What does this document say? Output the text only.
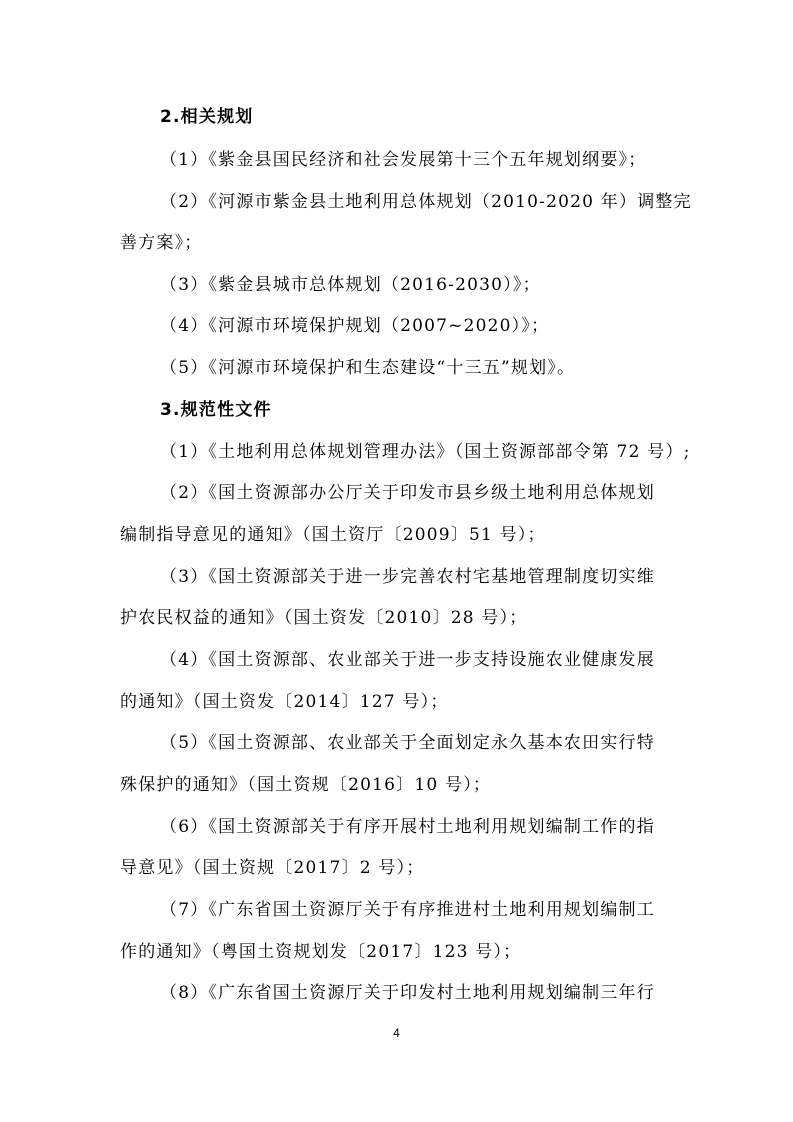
2.相关规划
（1）《紫金县国民经济和社会发展第十三个五年规划纲要》；
（2）《河源市紫金县土地利用总体规划（2010-2020 年）调整完
善方案》；
（3）《紫金县城市总体规划（2016-2030）》；
（4）《河源市环境保护规划（2007~2020）》；
（5）《河源市环境保护和生态建设“十三五”规划》。
3.规范性文件
（1）《土地利用总体规划管理办法》（国土资源部部令第 72 号）;
（2）《国土资源部办公厅关于印发市县乡级土地利用总体规划
编制指导意见的通知》（国土资厅〔2009〕51 号）；
（3）《国土资源部关于进一步完善农村宅基地管理制度切实维
护农民权益的通知》（国土资发〔2010〕28 号）；
（4）《国土资源部、农业部关于进一步支持设施农业健康发展
的通知》（国土资发〔2014〕127 号）；
（5）《国土资源部、农业部关于全面划定永久基本农田实行特
殊保护的通知》（国土资规〔2016〕10 号）；
（6）《国土资源部关于有序开展村土地利用规划编制工作的指
导意见》（国土资规〔2017〕2 号）；
（7）《广东省国土资源厅关于有序推进村土地利用规划编制工
作的通知》（粤国土资规划发〔2017〕123 号）；
（8）《广东省国土资源厅关于印发村土地利用规划编制三年行
4
